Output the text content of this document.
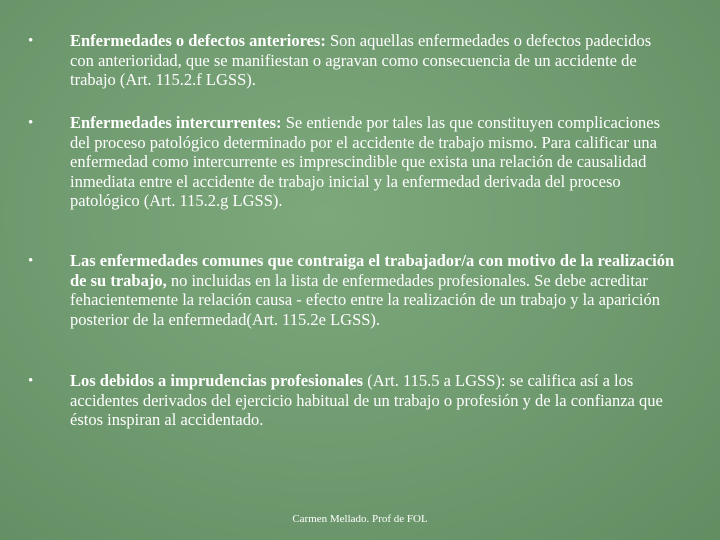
• Enfermedades o defectos anteriores: Son aquellas enfermedades o defectos padecidos con anterioridad, que se manifiestan o agravan como consecuencia de un accidente de trabajo (Art. 115.2.f LGSS).
• Enfermedades intercurrentes: Se entiende por tales las que constituyen complicaciones del proceso patológico determinado por el accidente de trabajo mismo. Para calificar una enfermedad como intercurrente es imprescindible que exista una relación de causalidad inmediata entre el accidente de trabajo inicial y la enfermedad derivada del proceso patológico (Art. 115.2.g LGSS).
• Las enfermedades comunes que contraiga el trabajador/a con motivo de la realización de su trabajo, no incluidas en la lista de enfermedades profesionales. Se debe acreditar fehacientemente la relación causa - efecto entre la realización de un trabajo y la aparición posterior de la enfermedad(Art. 115.2e LGSS).
• Los debidos a imprudencias profesionales (Art. 115.5 a LGSS): se califica así a los accidentes derivados del ejercicio habitual de un trabajo o profesión y de la confianza que éstos inspiran al accidentado.
Carmen Mellado. Prof de FOL
